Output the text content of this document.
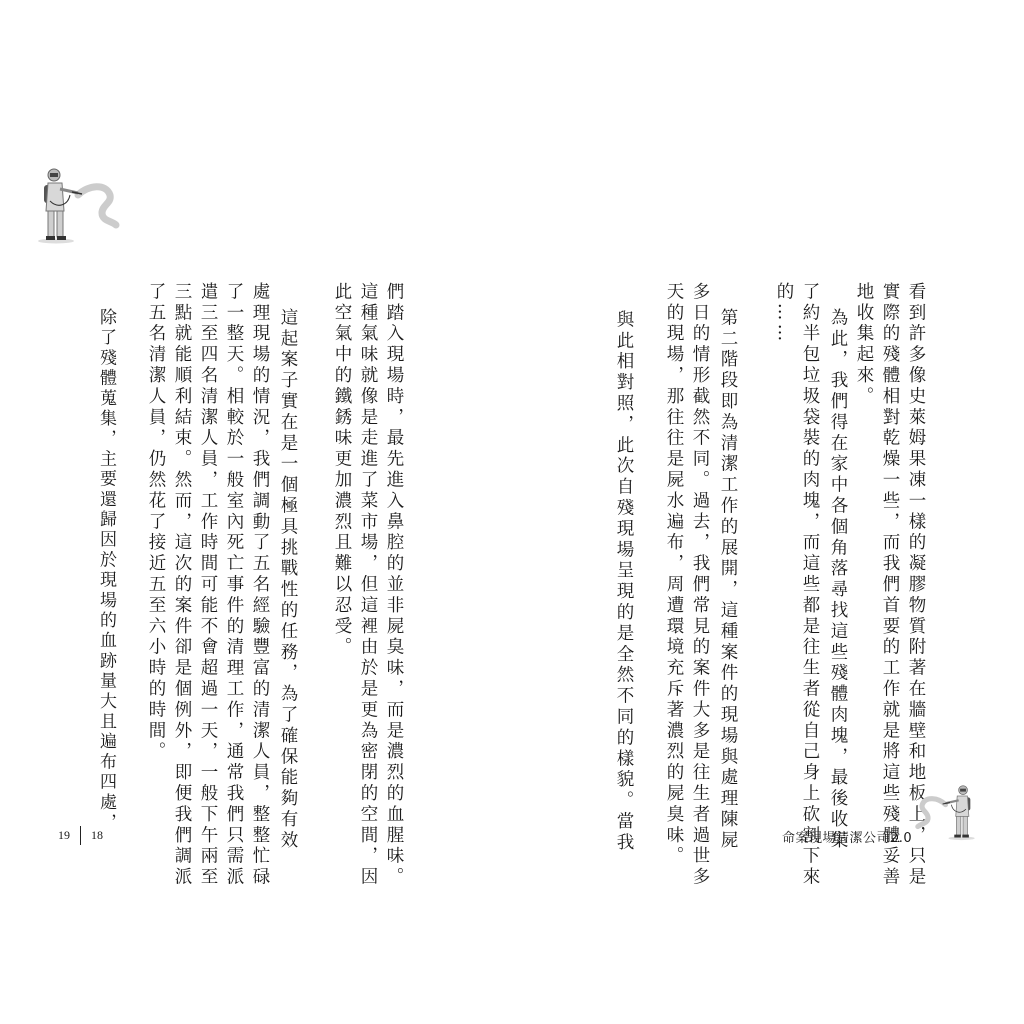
除了殘體蒐集，主要還歸因於現場的血跡量大且遍布四處， 了五名清潔人員，仍然花了接近五至六小時的時間。 三點就能順利結束。然而，這次的案件卻是個例外，即便我們調派 遣三至四名清潔人員，工作時間可能不會超過一天，一般下午兩至 了一整天。相較於一般室內死亡事件的清理工作，通常我們只需派 處理現場的情況，我們調動了五名經驗豐富的清潔人員，整整忙碌 這起案子實在是一個極具挑戰性的任務，為了確保能夠有效 此空氣中的鐵銹味更加濃烈且難以忍受。 這種氣味就像是走進了菜市場，但這裡由於是更為密閉的空間，因 們踏入現場時，最先進入鼻腔的並非屍臭味，而是濃烈的血腥味。	與此相對照，此次自殘現場呈現的是全然不同的樣貌。當我 天的現場，那往往是屍水遍布，周遭環境充斥著濃烈的屍臭味。 多日的情形截然不同。過去，我們常見的案件大多是往生者過世多 第二階段即為清潔工作的展開，這種案件的現場與處理陳屍 的…… 了約半包垃圾袋裝的肉塊，而這些都是往生者從自己身上砍割下來 為此，我們得在家中各個角落尋找這些殘體肉塊，最後收集 地收集起來。 實際的殘體相對乾燥一些，而我們首要的工作就是將這些殘體妥善 看到許多像史萊姆果凍一樣的凝膠物質附著在牆壁和地板上，只是
19 18	命案現場清潔公司2.0
